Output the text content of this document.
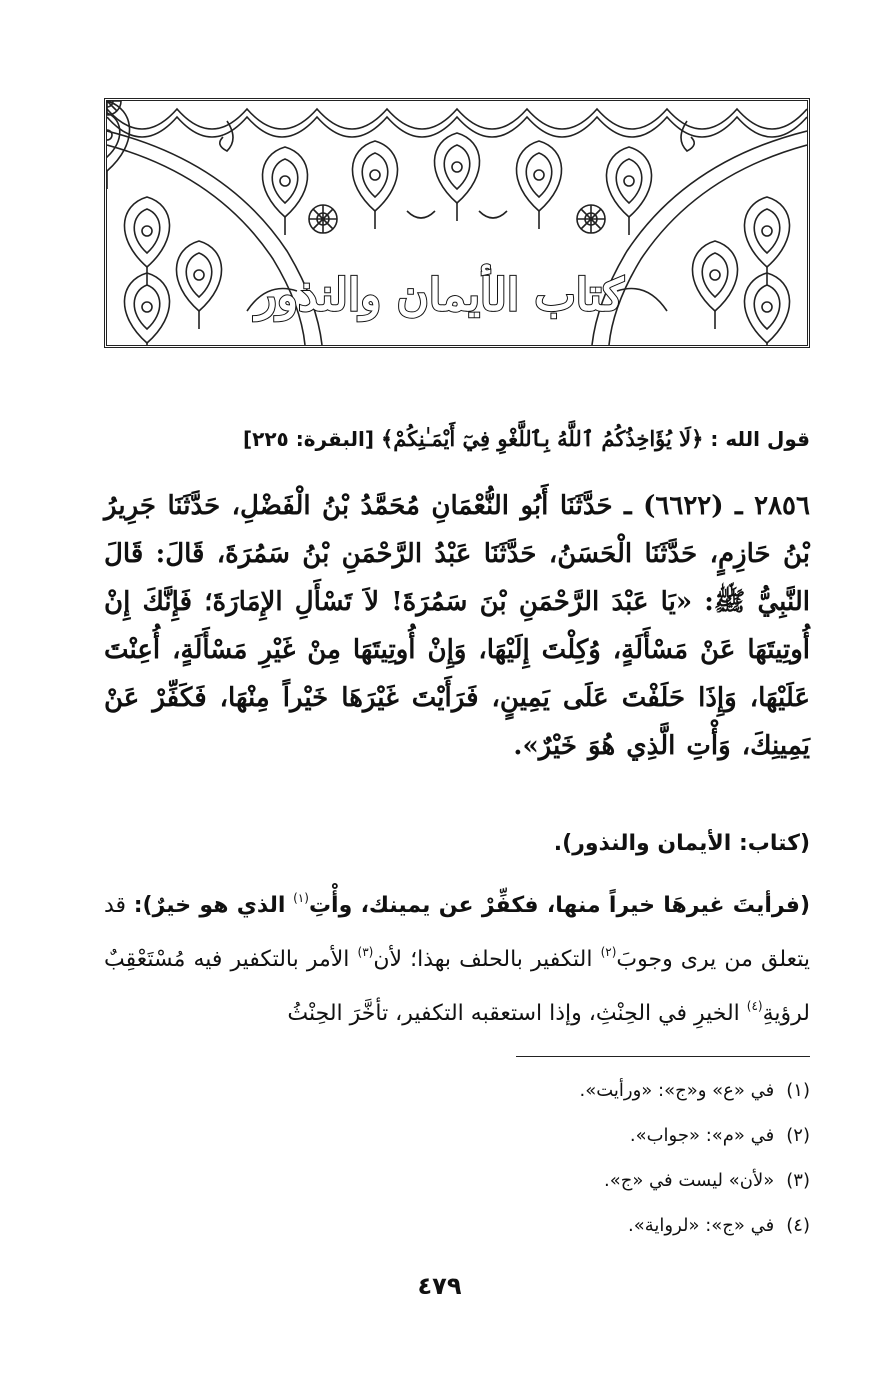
كتاب الأيمان والنذور
قول الله : ﴿لَا يُؤَاخِذُكُمُ ٱللَّهُ بِٱللَّغْوِ فِيٓ أَيْمَـٰنِكُمْ﴾ [البقرة: ٢٢٥]
٢٨٥٦ ـ (٦٦٢٢) ـ حَدَّثَنَا أَبُو النُّعْمَانِ مُحَمَّدُ بْنُ الْفَضْلِ، حَدَّثَنَا جَرِيرُ بْنُ حَازِمٍ، حَدَّثَنَا الْحَسَنُ، حَدَّثَنَا عَبْدُ الرَّحْمَنِ بْنُ سَمُرَةَ، قَالَ: قَالَ النَّبِيُّ ﷺ: «يَا عَبْدَ الرَّحْمَنِ بْنَ سَمُرَةَ! لاَ تَسْأَلِ الإِمَارَةَ؛ فَإِنَّكَ إِنْ أُوتِيتَهَا عَنْ مَسْأَلَةٍ، وُكِلْتَ إِلَيْهَا، وَإِنْ أُوتِيتَهَا مِنْ غَيْرِ مَسْأَلَةٍ، أُعِنْتَ عَلَيْهَا، وَإِذَا حَلَفْتَ عَلَى يَمِينٍ، فَرَأَيْتَ غَيْرَهَا خَيْراً مِنْهَا، فَكَفِّرْ عَنْ يَمِينِكَ، وَأْتِ الَّذِي هُوَ خَيْرٌ».

(كتاب: الأيمان والنذور).

(فرأيتَ غيرهَا خيراً منها، فكفِّرْ عن يمينك، وأْتِ$^{(١)}$ الذي هو خيرٌ): قد يتعلق من يرى وجوبَ$^{(٢)}$ التكفير بالحلف بهذا؛ لأن$^{(٣)}$ الأمر بالتكفير فيه مُسْتَعْقِبٌ لرؤيةِ$^{(٤)}$ الخيرِ في الحِنْثِ، وإذا استعقبه التكفير، تأخَّرَ الحِنْثُ

(١)في «ع» و«ج»: «ورأيت».
(٢)في «م»: «جواب».
(٣)«لأن» ليست في «ج».
(٤)في «ج»: «لرواية».
٤٧٩
